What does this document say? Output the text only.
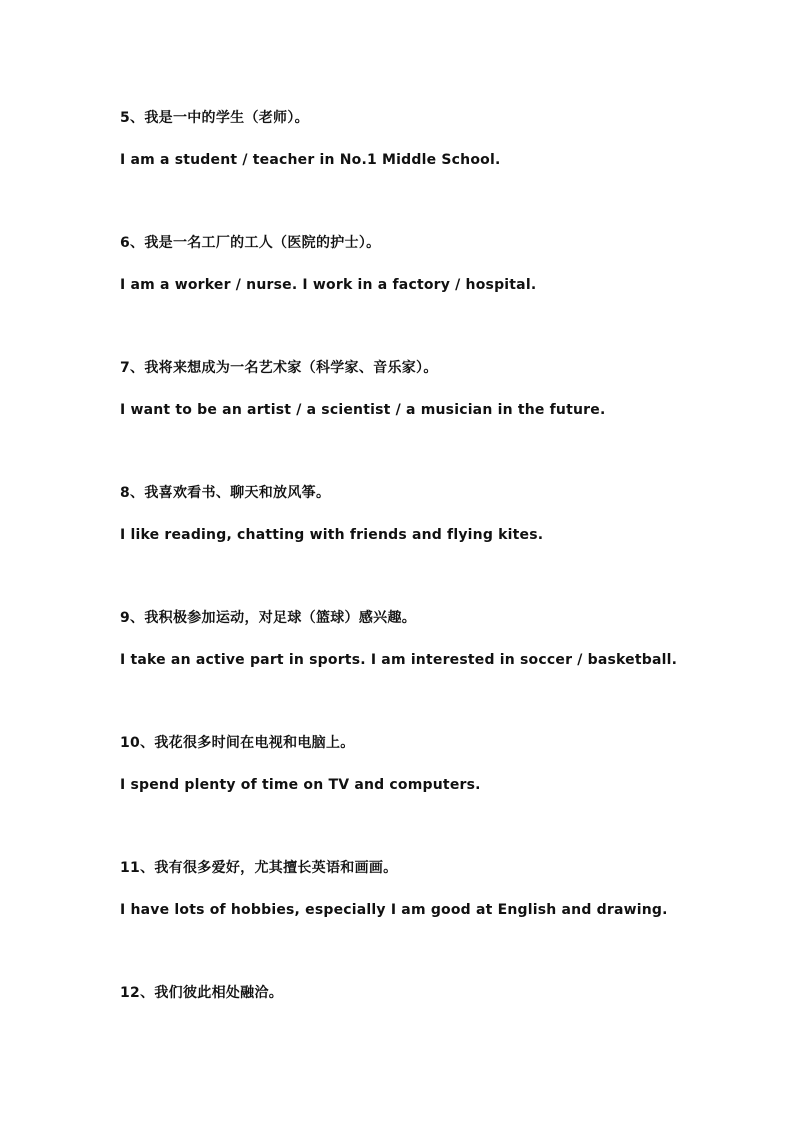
5、我是一中的学生（老师）。
I am a student / teacher in No.1 Middle School.
6、我是一名工厂的工人（医院的护士）。
I am a worker / nurse. I work in a factory / hospital.
7、我将来想成为一名艺术家（科学家、音乐家）。
I want to be an artist / a scientist / a musician in the future.
8、我喜欢看书、聊天和放风筝。
I like reading, chatting with friends and flying kites.
9、我积极参加运动，对足球（篮球）感兴趣。
I take an active part in sports. I am interested in soccer / basketball.
10、我花很多时间在电视和电脑上。
I spend plenty of time on TV and computers.
11、我有很多爱好，尤其擅长英语和画画。
I have lots of hobbies, especially I am good at English and drawing.
12、我们彼此相处融洽。
